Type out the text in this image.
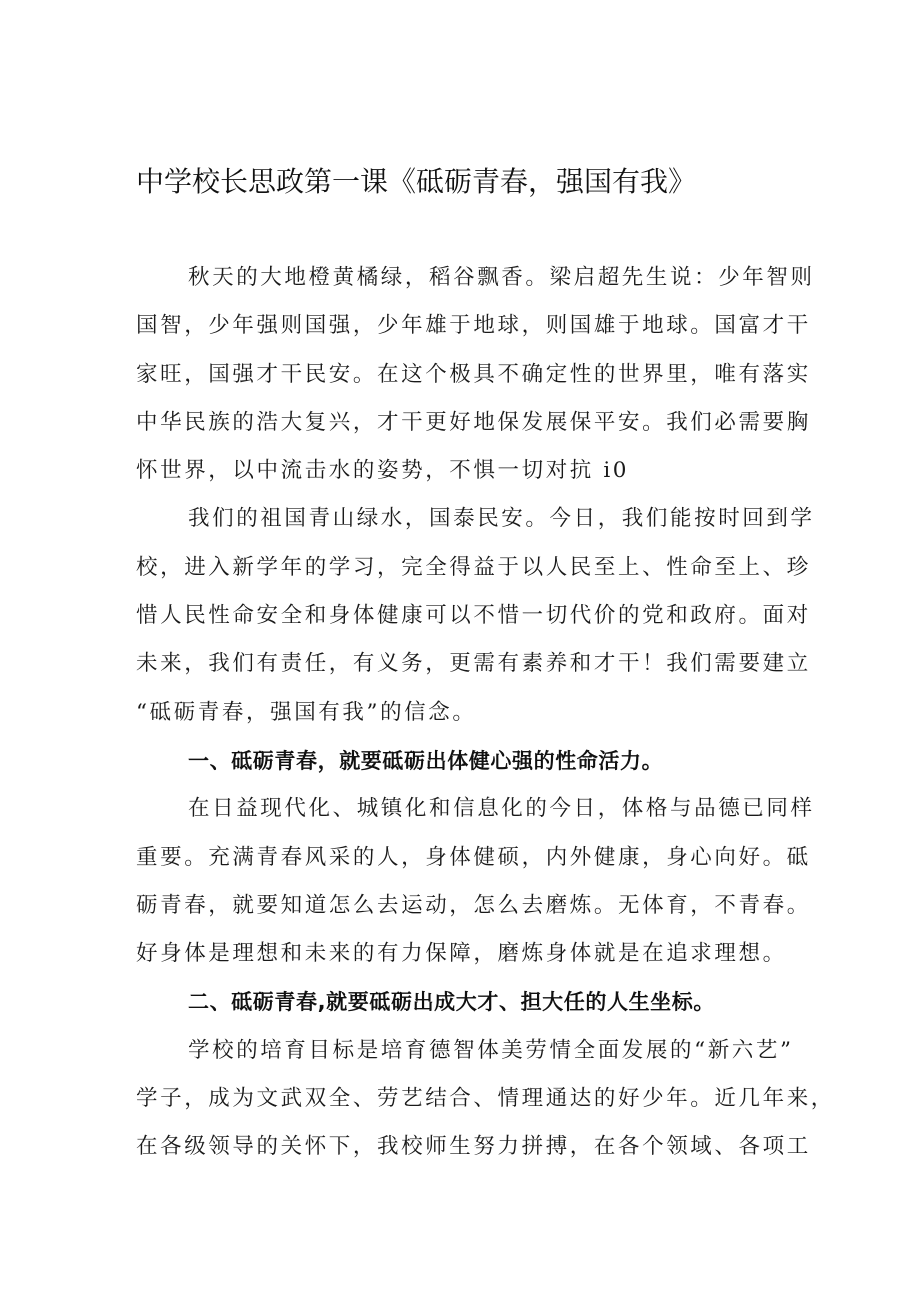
中学校长思政第一课《砥砺青春，强国有我》
秋天的大地橙黄橘绿，稻谷飘香。梁启超先生说：少年智则
国智，少年强则国强，少年雄于地球，则国雄于地球。国富才干
家旺，国强才干民安。在这个极具不确定性的世界里，唯有落实
中华民族的浩大复兴，才干更好地保发展保平安。我们必需要胸
怀世界，以中流击水的姿势，不惧一切对抗 i0
我们的祖国青山绿水，国泰民安。今日，我们能按时回到学
校，进入新学年的学习，完全得益于以人民至上、性命至上、珍
惜人民性命安全和身体健康可以不惜一切代价的党和政府。面对
未来，我们有责任，有义务，更需有素养和才干！我们需要建立
“砥砺青春，强国有我”的信念。
一、砥砺青春，就要砥砺出体健心强的性命活力。
在日益现代化、城镇化和信息化的今日，体格与品德已同样
重要。充满青春风采的人，身体健硕，内外健康，身心向好。砥
砺青春，就要知道怎么去运动，怎么去磨炼。无体育，不青春。
好身体是理想和未来的有力保障，磨炼身体就是在追求理想。
二、砥砺青春,就要砥砺出成大才、担大任的人生坐标。
学校的培育目标是培育德智体美劳情全面发展的“新六艺”
学子，成为文武双全、劳艺结合、情理通达的好少年。近几年来，
在各级领导的关怀下，我校师生努力拼搏，在各个领域、各项工
